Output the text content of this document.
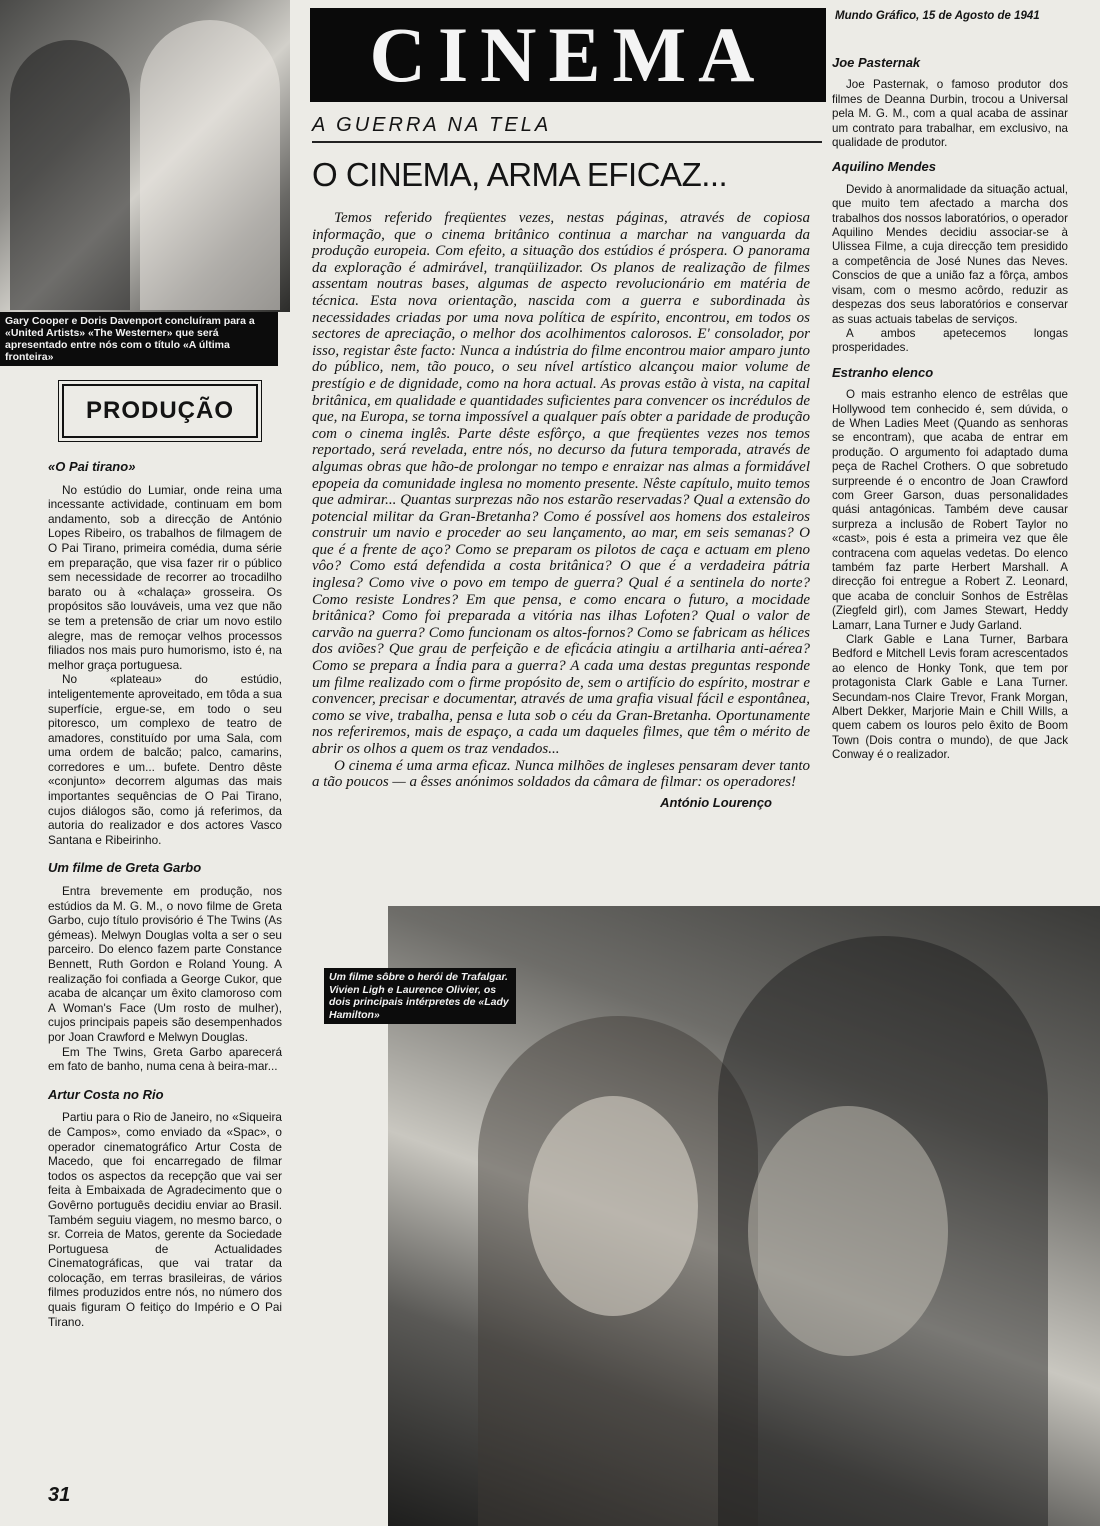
Gary Cooper e Doris Davenport concluíram para a «United Artists» «The Westerner» que será apresentado entre nós com o título «A última fronteira»
CINEMA	Mundo Gráfico, 15 de Agosto de 1941
A GUERRA NA TELA
O CINEMA, ARMA EFICAZ...

Temos referido freqüentes vezes, nestas páginas, através de copiosa informação, que o cinema britânico continua a marchar na vanguarda da produção europeia. Com efeito, a situação dos estúdios é próspera. O panorama da exploração é admirável, tranqüilizador. Os planos de realização de filmes assentam noutras bases, algumas de aspecto revolucionário em matéria de técnica. Esta nova orientação, nascida com a guerra e subordinada às necessidades criadas por uma nova política de espírito, encontrou, em todos os sectores de apreciação, o melhor dos acolhimentos calorosos. E' consolador, por isso, registar êste facto: Nunca a indústria do filme encontrou maior amparo junto do público, nem, tão pouco, o seu nível artístico alcançou maior volume de prestígio e de dignidade, como na hora actual. As provas estão à vista, na capital britânica, em qualidade e quantidades suficientes para convencer os incrédulos de que, na Europa, se torna impossível a qualquer país obter a paridade de produção com o cinema inglês. Parte dêste esfôrço, a que freqüentes vezes nos temos reportado, será revelada, entre nós, no decurso da futura temporada, através de algumas obras que hão-de prolongar no tempo e enraizar nas almas a formidável epopeia da comunidade inglesa no momento presente. Nêste capítulo, muito temos que admirar... Quantas surprezas não nos estarão reservadas? Qual a extensão do potencial militar da Gran-Bretanha? Como é possível aos homens dos estaleiros construir um navio e proceder ao seu lançamento, ao mar, em seis semanas? O que é a frente de aço? Como se preparam os pilotos de caça e actuam em pleno vôo? Como está defendida a costa britânica? O que é a verdadeira pátria inglesa? Como vive o povo em tempo de guerra? Qual é a sentinela do norte? Como resiste Londres? Em que pensa, e como encara o futuro, a mocidade britânica? Como foi preparada a vitória nas ilhas Lofoten? Qual o valor de carvão na guerra? Como funcionam os altos-fornos? Como se fabricam as hélices dos aviões? Que grau de perfeição e de eficácia atingiu a artilharia anti-aérea? Como se prepara a Índia para a guerra? A cada uma destas preguntas responde um filme realizado com o firme propósito de, sem o artifício do espírito, mostrar e convencer, precisar e documentar, através de uma grafia visual fácil e espontânea, como se vive, trabalha, pensa e luta sob o céu da Gran-Bretanha. Oportunamente nos referiremos, mais de espaço, a cada um daqueles filmes, que têm o mérito de abrir os olhos a quem os traz vendados...

O cinema é uma arma eficaz. Nunca milhões de ingleses pensaram dever tanto a tão poucos — a êsses anónimos soldados da câmara de filmar: os operadores!

António Lourenço
PRODUÇÃO

«O Pai tirano»

No estúdio do Lumiar, onde reina uma incessante actividade, continuam em bom andamento, sob a direcção de António Lopes Ribeiro, os trabalhos de filmagem de O Pai Tirano, primeira comédia, duma série em preparação, que visa fazer rir o público sem necessidade de recorrer ao trocadilho barato ou à «chalaça» grosseira. Os propósitos são louváveis, uma vez que não se tem a pretensão de criar um novo estilo alegre, mas de remoçar velhos processos filiados nos mais puro humorismo, isto é, na melhor graça portuguesa.

No «plateau» do estúdio, inteligentemente aproveitado, em tôda a sua superfície, ergue-se, em todo o seu pitoresco, um complexo de teatro de amadores, constituído por uma Sala, com uma ordem de balcão; palco, camarins, corredores e um... bufete. Dentro dêste «conjunto» decorrem algumas das mais importantes sequências de O Pai Tirano, cujos diálogos são, como já referimos, da autoria do realizador e dos actores Vasco Santana e Ribeirinho.

Um filme de Greta Garbo

Entra brevemente em produção, nos estúdios da M. G. M., o novo filme de Greta Garbo, cujo título provisório é The Twins (As gémeas). Melwyn Douglas volta a ser o seu parceiro. Do elenco fazem parte Constance Bennett, Ruth Gordon e Roland Young. A realização foi confiada a George Cukor, que acaba de alcançar um êxito clamoroso com A Woman's Face (Um rosto de mulher), cujos principais papeis são desempenhados por Joan Crawford e Melwyn Douglas.

Em The Twins, Greta Garbo aparecerá em fato de banho, numa cena à beira-mar...

Artur Costa no Rio

Partiu para o Rio de Janeiro, no «Siqueira de Campos», como enviado da «Spac», o operador cinematográfico Artur Costa de Macedo, que foi encarregado de filmar todos os aspectos da recepção que vai ser feita à Embaixada de Agradecimento que o Govêrno português decidiu enviar ao Brasil. Também seguiu viagem, no mesmo barco, o sr. Correia de Matos, gerente da Sociedade Portuguesa de Actualidades Cinematográficas, que vai tratar da colocação, em terras brasileiras, de vários filmes produzidos entre nós, no número dos quais figuram O feitiço do Império e O Pai Tirano.

Joe Pasternak

Joe Pasternak, o famoso produtor dos filmes de Deanna Durbin, trocou a Universal pela M. G. M., com a qual acaba de assinar um contrato para trabalhar, em exclusivo, na qualidade de produtor.

Aquilino Mendes

Devido à anormalidade da situação actual, que muito tem afectado a marcha dos trabalhos dos nossos laboratórios, o operador Aquilino Mendes decidiu associar-se à Ulissea Filme, a cuja direcção tem presidido a competência de José Nunes das Neves. Conscios de que a união faz a fôrça, ambos visam, com o mesmo acôrdo, reduzir as despezas dos seus laboratórios e conservar as suas actuais tabelas de serviços.

A ambos apetecemos longas prosperidades.

Estranho elenco

O mais estranho elenco de estrêlas que Hollywood tem conhecido é, sem dúvida, o de When Ladies Meet (Quando as senhoras se encontram), que acaba de entrar em produção. O argumento foi adaptado duma peça de Rachel Crothers. O que sobretudo surpreende é o encontro de Joan Crawford com Greer Garson, duas personalidades quási antagónicas. Também deve causar surpreza a inclusão de Robert Taylor no «cast», pois é esta a primeira vez que êle contracena com aquelas vedetas. Do elenco também faz parte Herbert Marshall. A direcção foi entregue a Robert Z. Leonard, que acaba de concluir Sonhos de Estrêlas (Ziegfeld girl), com James Stewart, Heddy Lamarr, Lana Turner e Judy Garland.

Clark Gable e Lana Turner, Barbara Bedford e Mitchell Levis foram acrescentados ao elenco de Honky Tonk, que tem por protagonista Clark Gable e Lana Turner. Secundam-nos Claire Trevor, Frank Morgan, Albert Dekker, Marjorie Main e Chill Wills, a quem cabem os louros pelo êxito de Boom Town (Dois contra o mundo), de que Jack Conway é o realizador.

Um filme sôbre o herói de Trafalgar. Vivien Ligh e Laurence Olivier, os dois principais intérpretes de «Lady Hamilton»
31
